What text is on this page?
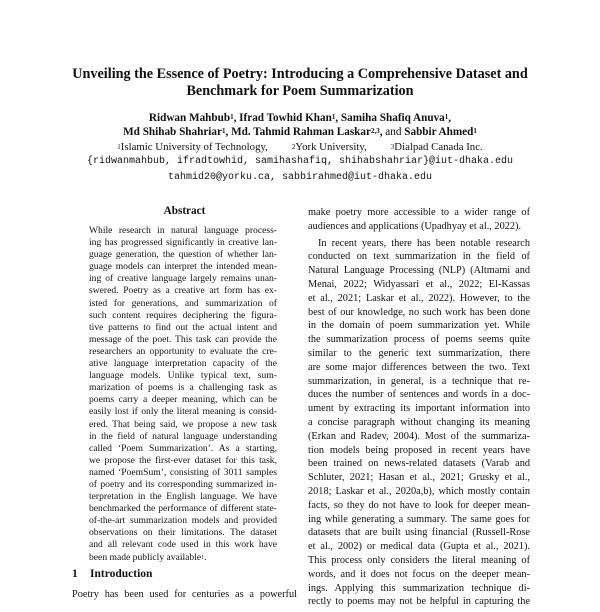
Unveiling the Essence of Poetry: Introducing a Comprehensive Dataset and
Benchmark for Poem Summarization
Ridwan Mahbub$^1$, Ifrad Towhid Khan$^1$, Samiha Shafiq Anuva$^1$,
Md Shihab Shahriar$^1$, Md. Tahmid Rahman Laskar$^{2,3}$, and Sabbir Ahmed$^1$
$^1$Islamic University of Technology,	$^2$York University,	$^3$Dialpad Canada Inc.
{ridwanmahbub, ifradtowhid, samihashafiq, shihabshahriar}@iut-dhaka.edu
tahmid20@yorku.ca, sabbirahmed@iut-dhaka.edu
Abstract
While research in natural language process-
ing has progressed significantly in creative lan-
guage generation, the question of whether lan-
guage models can interpret the intended mean-
ing of creative language largely remains unan-
swered. Poetry as a creative art form has ex-
isted for generations, and summarization of
such content requires deciphering the figura-
tive patterns to find out the actual intent and
message of the poet. This task can provide the
researchers an opportunity to evaluate the cre-
ative language interpretation capacity of the
language models. Unlike typical text, sum-
marization of poems is a challenging task as
poems carry a deeper meaning, which can be
easily lost if only the literal meaning is consid-
ered. That being said, we propose a new task
in the field of natural language understanding
called ‘Poem Summarization’. As a starting,
we propose the first-ever dataset for this task,
named ‘PoemSum’, consisting of 3011 samples
of poetry and its corresponding summarized in-
terpretation in the English language. We have
benchmarked the performance of different state-
of-the-art summarization models and provided
observations on their limitations. The dataset
and all relevant code used in this work have
been made publicly available$^1$.
1 Introduction
Poetry has been used for centuries as a powerful
make poetry more accessible to a wider range of
audiences and applications (Upadhyay et al., 2022).
In recent years, there has been notable research
conducted on text summarization in the field of
Natural Language Processing (NLP) (Altmami and
Menai, 2022; Widyassari et al., 2022; El-Kassas
et al., 2021; Laskar et al., 2022). However, to the
best of our knowledge, no such work has been done
in the domain of poem summarization yet. While
the summarization process of poems seems quite
similar to the generic text summarization, there
are some major differences between the two. Text
summarization, in general, is a technique that re-
duces the number of sentences and words in a doc-
ument by extracting its important information into
a concise paragraph without changing its meaning
(Erkan and Radev, 2004). Most of the summariza-
tion models being proposed in recent years have
been trained on news-related datasets (Varab and
Schluter, 2021; Hasan et al., 2021; Grusky et al.,
2018; Laskar et al., 2020a,b), which mostly contain
facts, so they do not have to look for deeper mean-
ing while generating a summary. The same goes for
datasets that are built using financial (Russell-Rose
et al., 2002) or medical data (Gupta et al., 2021).
This process only considers the literal meaning of
words, and it does not focus on the deeper mean-
ings. Applying this summarization technique di-
rectly to poems may not be helpful in capturing the
